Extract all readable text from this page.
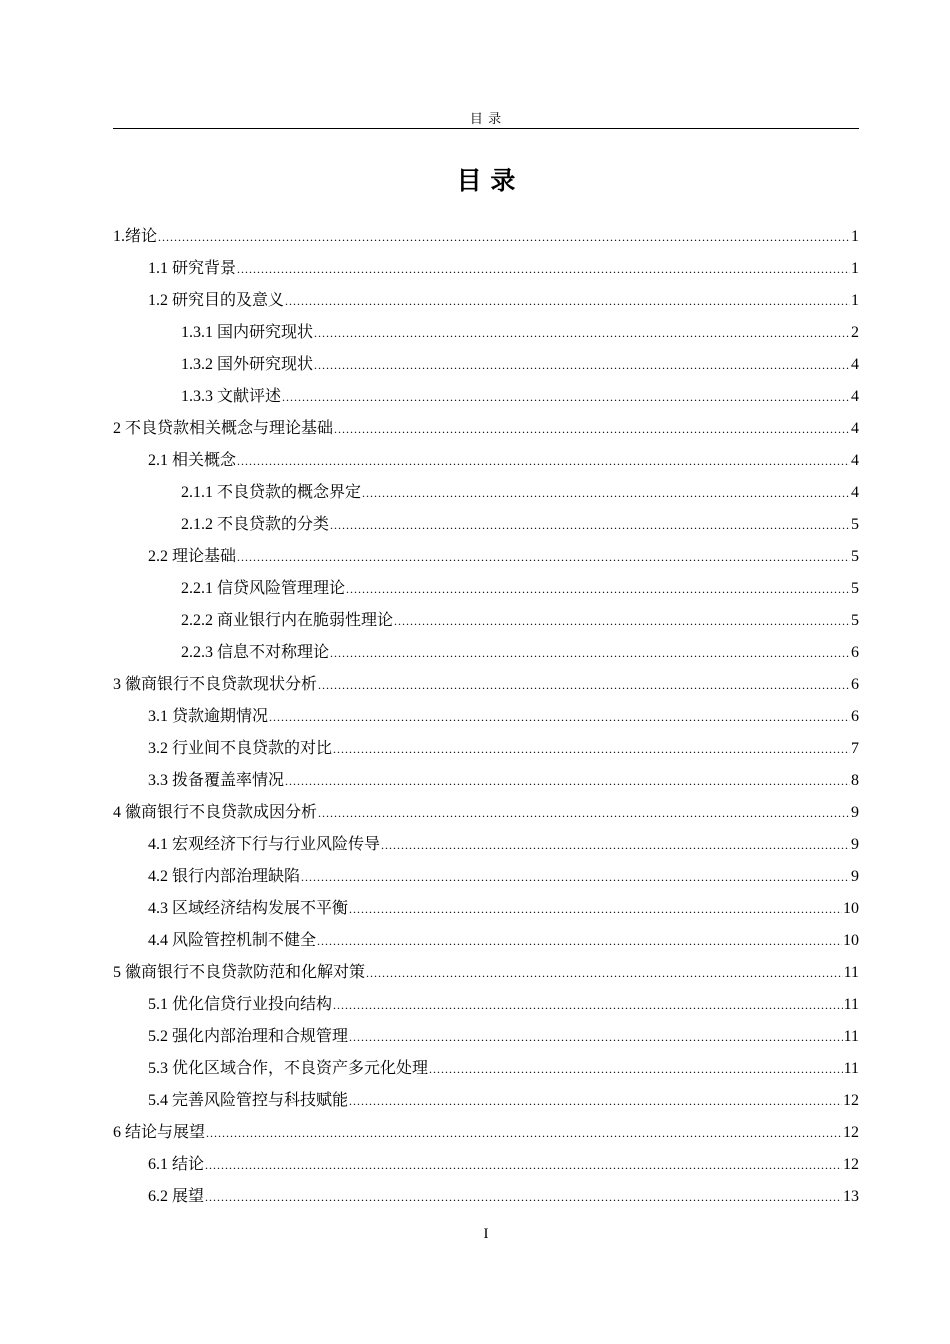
目 录
目 录
1.绪论 .....	1
1.1 研究背景 .....	1
1.2 研究目的及意义 .....	1
1.3.1 国内研究现状 .....	2
1.3.2 国外研究现状 .....	4
1.3.3 文献评述 .....	4
2 不良贷款相关概念与理论基础 .....	4
2.1 相关概念 .....	4
2.1.1 不良贷款的概念界定 .....	4
2.1.2 不良贷款的分类 .....	5
2.2 理论基础 .....	5
2.2.1 信贷风险管理理论 .....	5
2.2.2 商业银行内在脆弱性理论 .....	5
2.2.3 信息不对称理论 .....	6
3 徽商银行不良贷款现状分析 .....	6
3.1 贷款逾期情况 .....	6
3.2 行业间不良贷款的对比 .....	7
3.3 拨备覆盖率情况 .....	8
4 徽商银行不良贷款成因分析 .....	9
4.1 宏观经济下行与行业风险传导 .....	9
4.2 银行内部治理缺陷 .....	9
4.3 区域经济结构发展不平衡 .....	10
4.4 风险管控机制不健全 .....	10
5 徽商银行不良贷款防范和化解对策 .....	11
5.1 优化信贷行业投向结构 .....	11
5.2 强化内部治理和合规管理 .....	11
5.3 优化区域合作，不良资产多元化处理 .....	11
5.4 完善风险管控与科技赋能 .....	12
6 结论与展望 .....	12
6.1 结论 .....	12
6.2 展望 .....	13
I
